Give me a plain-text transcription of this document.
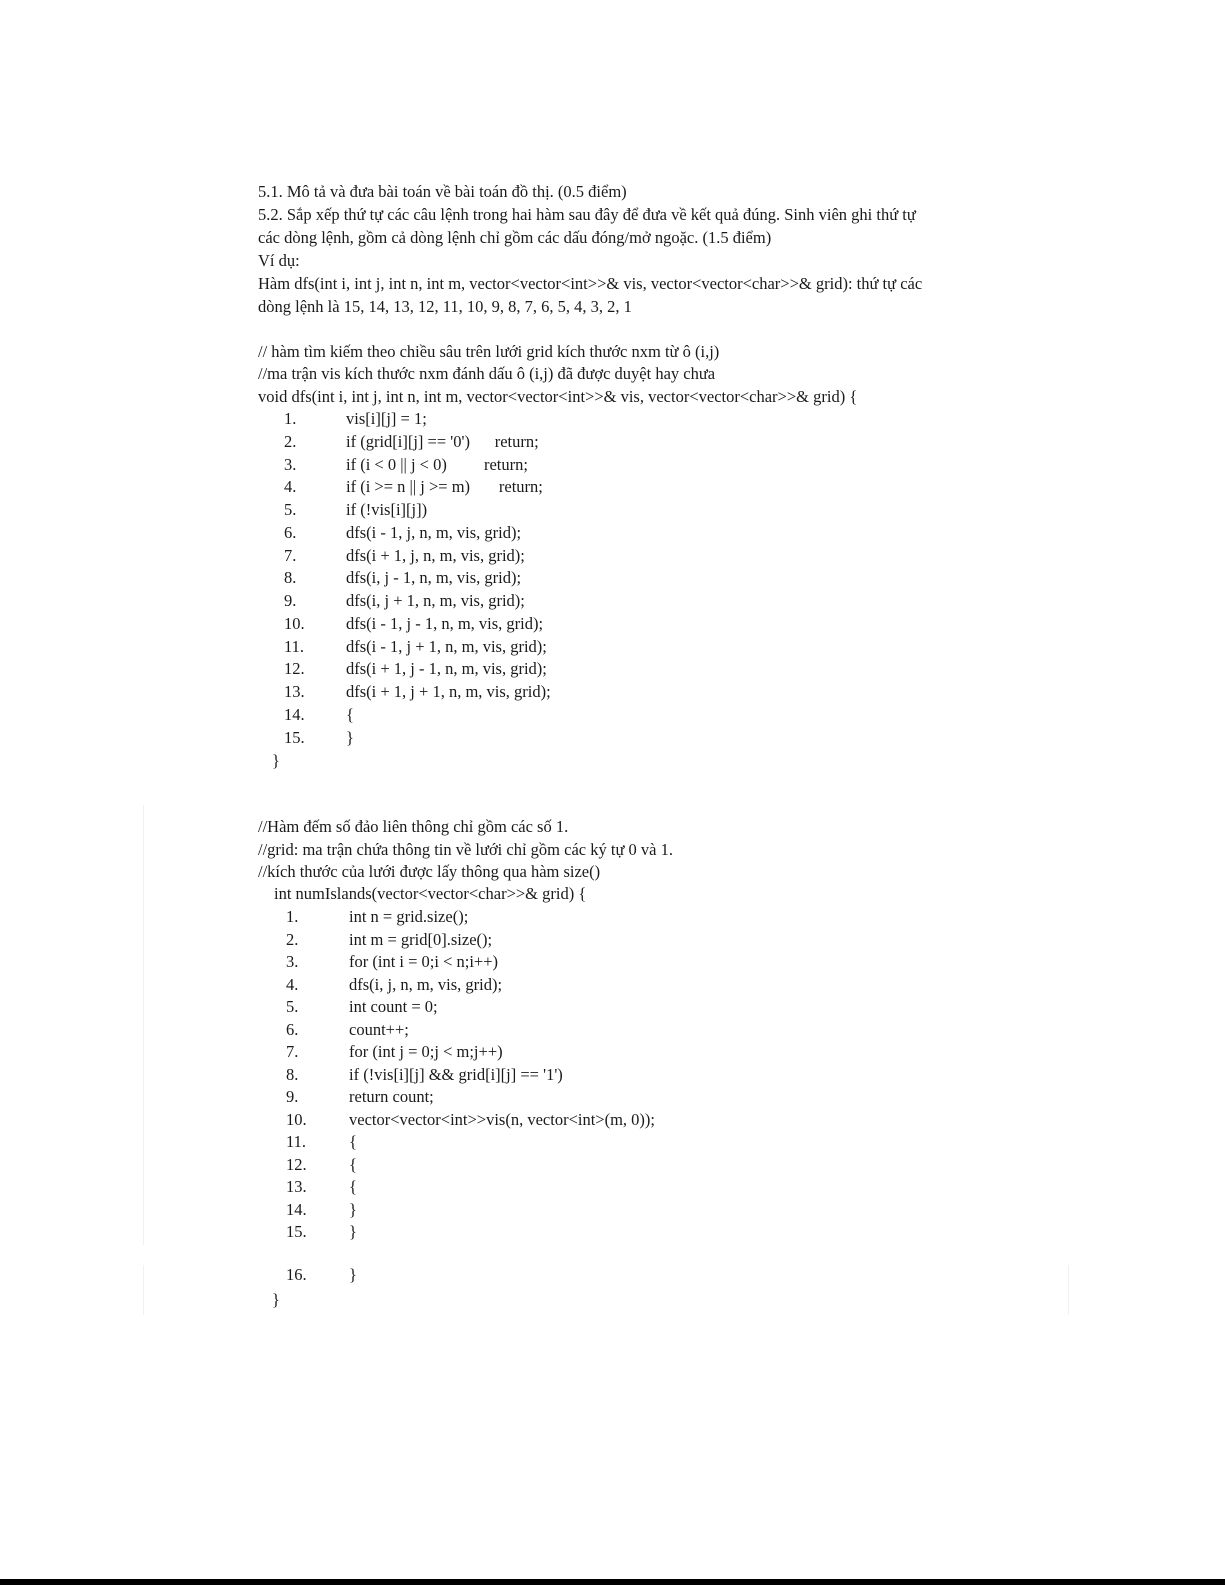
5.1. Mô tả và đưa bài toán về bài toán đồ thị. (0.5 điểm)
5.2. Sắp xếp thứ tự các câu lệnh trong hai hàm sau đây để đưa về kết quả đúng. Sinh viên ghi thứ tự
các dòng lệnh, gồm cả dòng lệnh chỉ gồm các dấu đóng/mở ngoặc. (1.5 điểm)
Ví dụ:
Hàm dfs(int i, int j, int n, int m, vector<vector<int>>& vis, vector<vector<char>>& grid): thứ tự các
dòng lệnh là 15, 14, 13, 12, 11, 10, 9, 8, 7, 6, 5, 4, 3, 2, 1
// hàm tìm kiếm theo chiều sâu trên lưới grid kích thước nxm từ ô (i,j)
//ma trận vis kích thước nxm đánh dấu ô (i,j) đã được duyệt hay chưa
void dfs(int i, int j, int n, int m, vector<vector<int>>& vis, vector<vector<char>>& grid) {
1.	vis[i][j] = 1;
2.	if (grid[i][j] == '0')      return;
3.	if (i < 0 || j < 0)         return;
4.	if (i >= n || j >= m)       return;
5.	if (!vis[i][j])
6.	dfs(i - 1, j, n, m, vis, grid);
7.	dfs(i + 1, j, n, m, vis, grid);
8.	dfs(i, j - 1, n, m, vis, grid);
9.	dfs(i, j + 1, n, m, vis, grid);
10.	dfs(i - 1, j - 1, n, m, vis, grid);
11.	dfs(i - 1, j + 1, n, m, vis, grid);
12.	dfs(i + 1, j - 1, n, m, vis, grid);
13.	dfs(i + 1, j + 1, n, m, vis, grid);
14.	{
15.	}
}
//Hàm đếm số đảo liên thông chỉ gồm các số 1.
//grid: ma trận chứa thông tin về lưới chỉ gồm các ký tự 0 và 1.
//kích thước của lưới được lấy thông qua hàm size()
int numIslands(vector<vector<char>>& grid) {
1.	int n = grid.size();
2.	int m = grid[0].size();
3.	for (int i = 0;i < n;i++)
4.	dfs(i, j, n, m, vis, grid);
5.	int count = 0;
6.	count++;
7.	for (int j = 0;j < m;j++)
8.	if (!vis[i][j] && grid[i][j] == '1')
9.	return count;
10.	vector<vector<int>>vis(n, vector<int>(m, 0));
11.	{
12.	{
13.	{
14.	}
15.	}
16.	}
}
